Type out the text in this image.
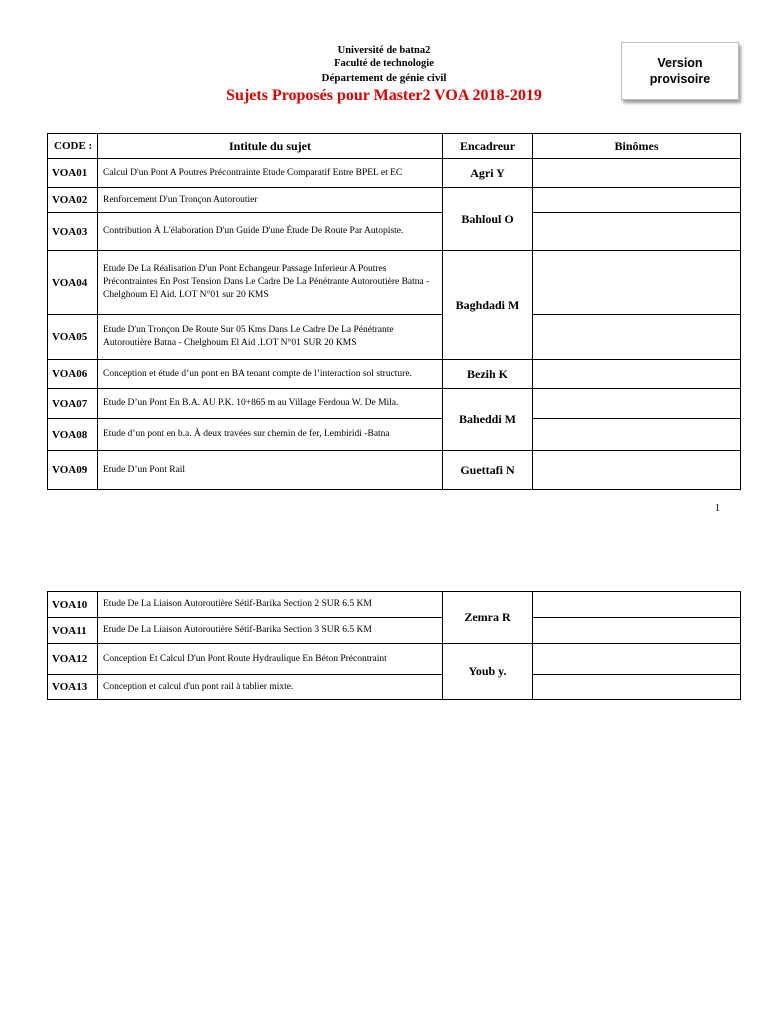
Université de batna2
Faculté de technologie
Département de génie civil
Sujets Proposés pour Master2 VOA 2018-2019
Version
provisoire
CODE :	Intitule du sujet	Encadreur	Binômes
VOA01	Calcul D'un Pont A Poutres Précontrainte Etude Comparatif Entre BPEL et EC	Agri Y	
VOA02	Renforcement D'un Tronçon Autoroutier	Bahloul O	
VOA03	Contribution À L'élaboration D'un Guide D'une Étude De Route Par Autopiste.		
VOA04	Etude De La Réalisation D'un Pont Echangeur Passage Inferieur A Poutres Précontraintes En Post Tension Dans Le Cadre De La Pénétrante Autoroutière Batna - Chelghoum El Aid. LOT N°01 sur 20 KMS	Baghdadi M	
VOA05	Etude D'un Tronçon De Route Sur 05 Kms Dans Le Cadre De La Pénétrante Autoroutière Batna - Chelghoum El Aid .LOT N°01 SUR 20 KMS		
VOA06	Conception et étude d’un pont en BA tenant compte de l’interaction sol structure.	Bezih K	
VOA07	Etude D’un Pont En B.A. AU P.K. 10+865 m au Village Ferdoua W. De Mila.	Baheddi M	
VOA08	Etude d’un pont en b.a. À deux travées sur chemin de fer, Lembiridi -Batna		
VOA09	Etude D’un Pont Rail	Guettafi N	
1
VOA10	Etude De La Liaison Autoroutière Sétif-Barika Section 2 SUR 6.5 KM	Zemra R	
VOA11	Etude De La Liaison Autoroutière Sétif-Barika Section 3 SUR 6.5 KM		
VOA12	Conception Et Calcul D'un Pont Route Hydraulique En Béton Précontraint	Youb y.	
VOA13	Conception et calcul d'un pont rail à tablier mixte.		
